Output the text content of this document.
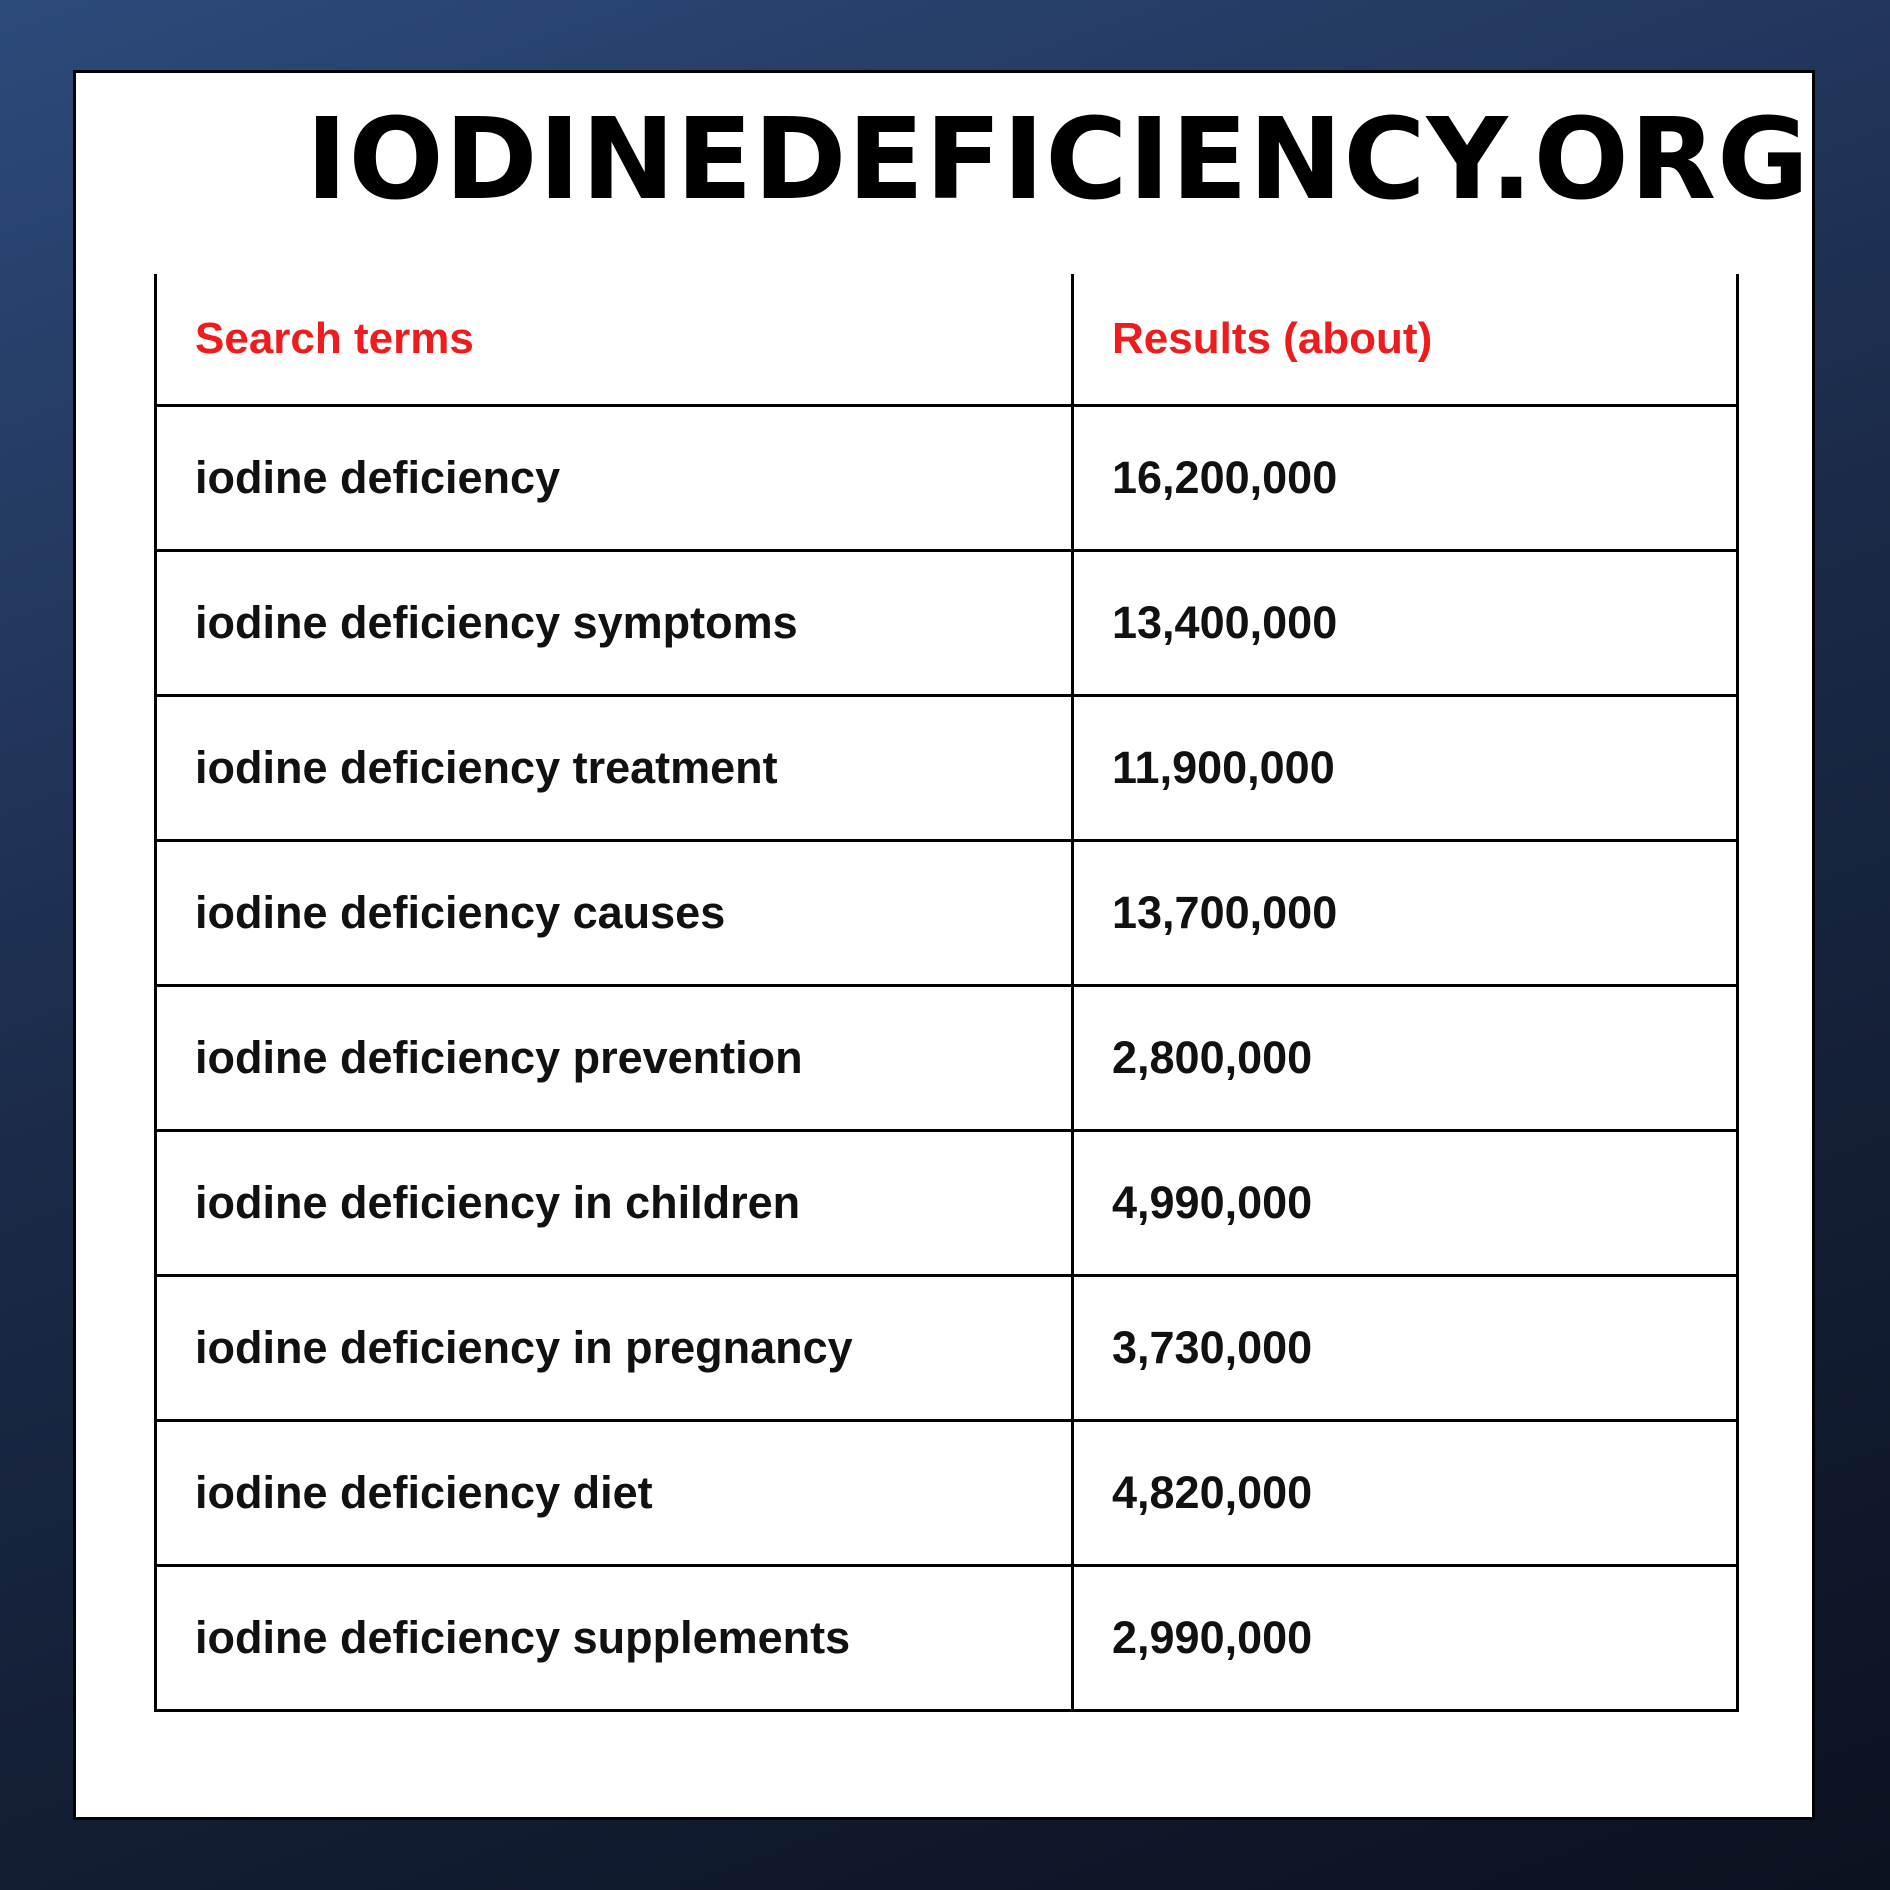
IODINEDEFICIENCY.ORG
Search terms	Results (about)
iodine deficiency	16,200,000
iodine deficiency symptoms	13,400,000
iodine deficiency treatment	11,900,000
iodine deficiency causes	13,700,000
iodine deficiency prevention	2,800,000
iodine deficiency in children	4,990,000
iodine deficiency in pregnancy	3,730,000
iodine deficiency diet	4,820,000
iodine deficiency supplements	2,990,000
